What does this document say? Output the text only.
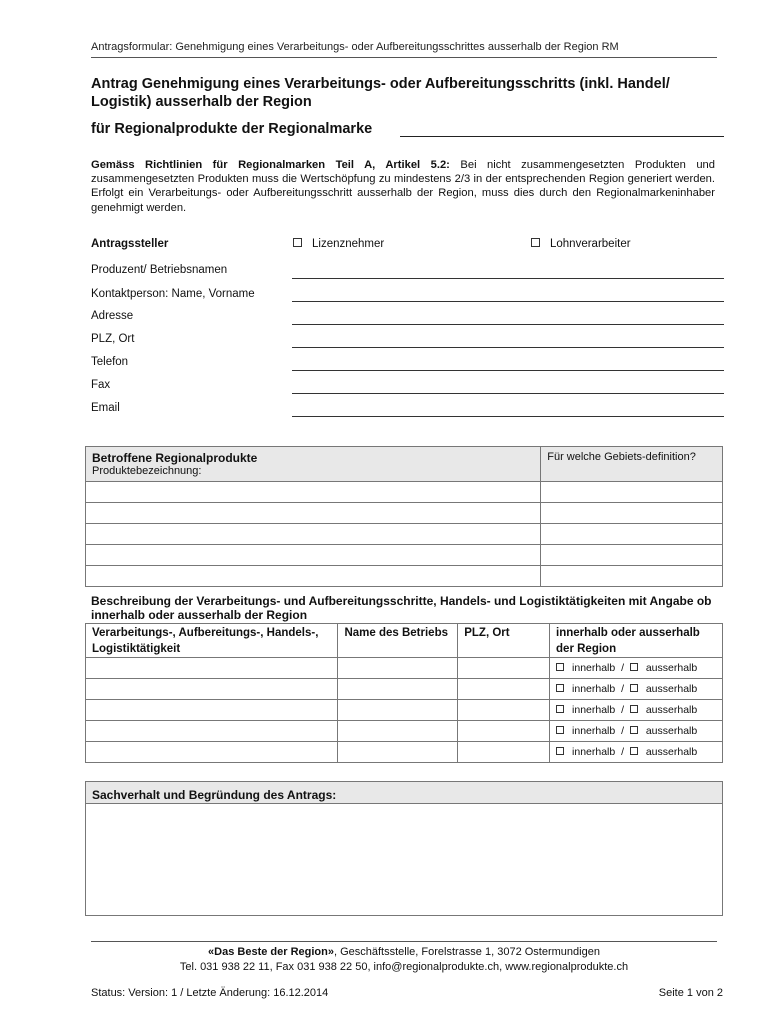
Antragsformular: Genehmigung eines Verarbeitungs- oder Aufbereitungsschrittes ausserhalb der Region RM
Antrag Genehmigung eines Verarbeitungs- oder Aufbereitungsschritts (inkl. Handel/ Logistik) ausserhalb der Region
für Regionalprodukte der Regionalmarke
Gemäss Richtlinien für Regionalmarken Teil A, Artikel 5.2: Bei nicht zusammengesetzten Produkten und zusammengesetzten Produkten muss die Wertschöpfung zu mindestens 2/3 in der entsprechenden Region generiert werden. Erfolgt ein Verarbeitungs- oder Aufbereitungsschritt ausserhalb der Region, muss dies durch den Regionalmarkeninhaber genehmigt werden.
Antragssteller	Lizenznehmer	Lohnverarbeiter
Produzent/ Betriebsnamen
Kontaktperson: Name, Vorname
Adresse
PLZ, Ort
Telefon
Fax
Email
Betroffene Regionalprodukte
Produktebezeichnung:	Für welche Gebiets-definition?

Beschreibung der Verarbeitungs- und Aufbereitungsschritte, Handels- und Logistiktätigkeiten mit Angabe ob innerhalb oder ausserhalb der Region
Verarbeitungs-, Aufbereitungs-, Handels-, Logistiktätigkeit	Name des Betriebs	PLZ, Ort	innerhalb oder ausserhalb der Region
			innerhalb / ausserhalb
			innerhalb / ausserhalb
			innerhalb / ausserhalb
			innerhalb / ausserhalb
			innerhalb / ausserhalb
Sachverhalt und Begründung des Antrags:

«Das Beste der Region», Geschäftsstelle, Forelstrasse 1, 3072 Ostermundigen
Tel. 031 938 22 11, Fax 031 938 22 50, info@regionalprodukte.ch, www.regionalprodukte.ch
Status: Version: 1 / Letzte Änderung: 16.12.2014	Seite 1 von 2
